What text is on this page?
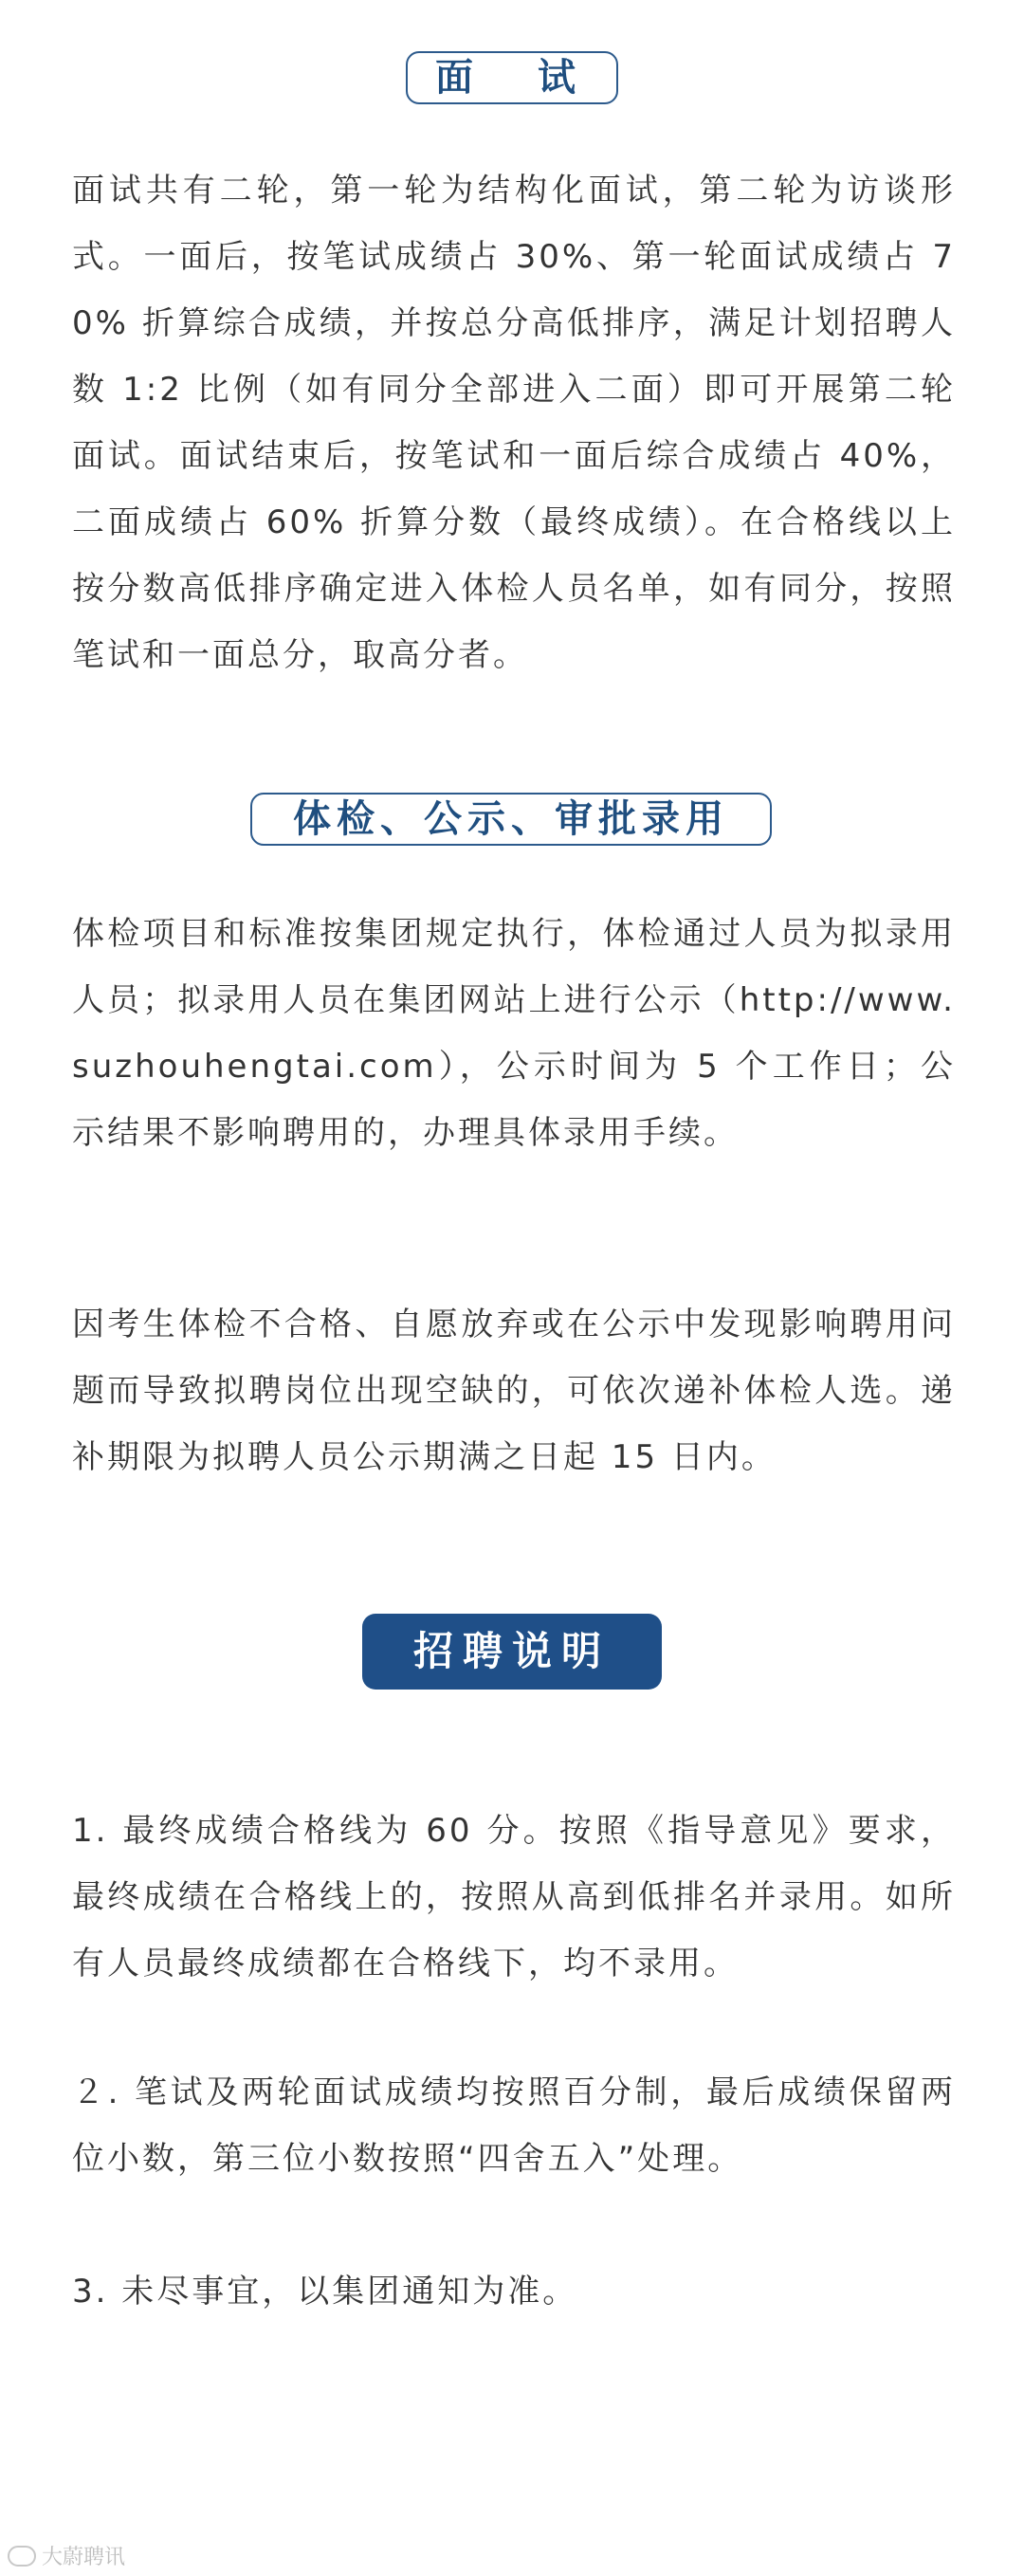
面　试

面试共有二轮，第一轮为结构化面试，第二轮为访谈形式。一面后，按笔试成绩占 30%、第一轮面试成绩占 70% 折算综合成绩，并按总分高低排序，满足计划招聘人数 1:2 比例（如有同分全部进入二面）即可开展第二轮面试。面试结束后，按笔试和一面后综合成绩占 40%，二面成绩占 60% 折算分数（最终成绩）。在合格线以上按分数高低排序确定进入体检人员名单，如有同分，按照笔试和一面总分，取高分者。

体检、公示、审批录用

体检项目和标准按集团规定执行，体检通过人员为拟录用人员；拟录用人员在集团网站上进行公示（http://www.suzhouhengtai.com），公示时间为 5 个工作日；公示结果不影响聘用的，办理具体录用手续。

因考生体检不合格、自愿放弃或在公示中发现影响聘用问题而导致拟聘岗位出现空缺的，可依次递补体检人选。递补期限为拟聘人员公示期满之日起 15 日内。

招聘说明

1. 最终成绩合格线为 60 分。按照《指导意见》要求，最终成绩在合格线上的，按照从高到低排名并录用。如所有人员最终成绩都在合格线下，均不录用。

２. 笔试及两轮面试成绩均按照百分制，最后成绩保留两位小数，第三位小数按照“四舍五入”处理。

3. 未尽事宜，以集团通知为准。

大蔚聘讯
